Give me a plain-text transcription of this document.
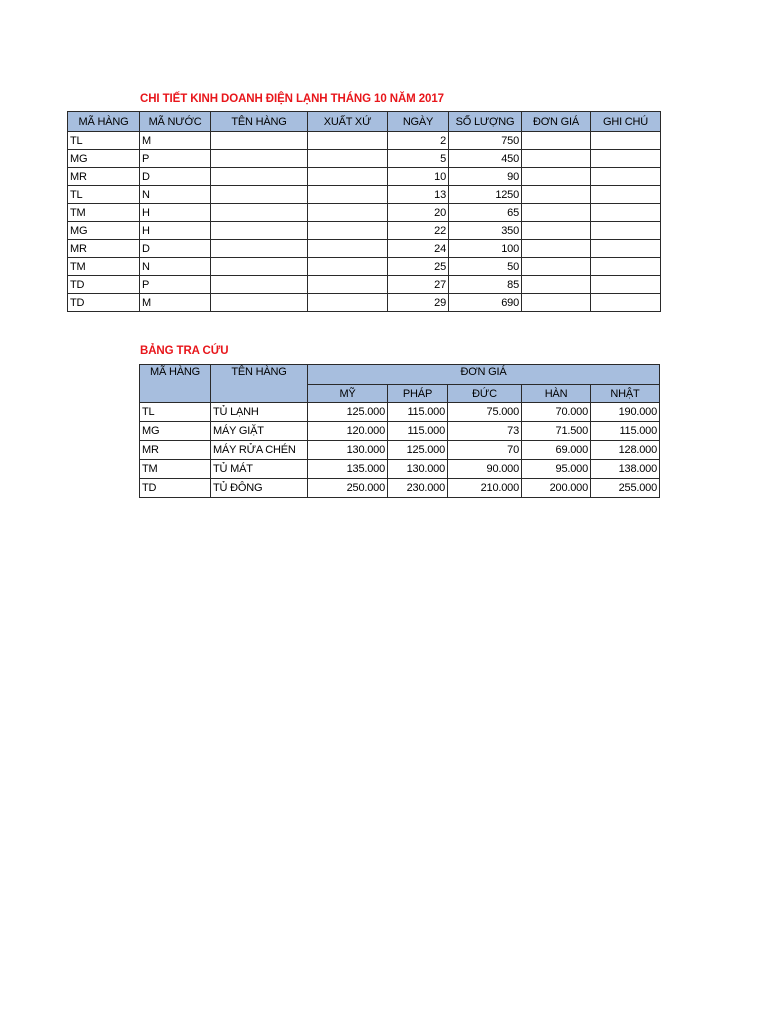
CHI TIẾT KINH DOANH ĐIỆN LẠNH THÁNG 10 NĂM 2017
MÃ HÀNG	MÃ NƯỚC	TÊN HÀNG	XUẤT XỨ	NGÀY	SỐ LƯỢNG	ĐƠN GIÁ	GHI CHÚ
TL	M			2	750		
MG	P			5	450		
MR	D			10	90		
TL	N			13	1250		
TM	H			20	65		
MG	H			22	350		
MR	D			24	100		
TM	N			25	50		
TD	P			27	85		
TD	M			29	690		
BẢNG TRA CỨU
MÃ HÀNG	TÊN HÀNG	ĐƠN GIÁ				
		MỸ	PHÁP	ĐỨC	HÀN	NHẬT
TL	TỦ LẠNH	125.000	115.000	75.000	70.000	190.000
MG	MÁY GIẶT	120.000	115.000	73	71.500	115.000
MR	MÁY RỬA CHÉN	130.000	125.000	70	69.000	128.000
TM	TỦ MÁT	135.000	130.000	90.000	95.000	138.000
TD	TỦ ĐÔNG	250.000	230.000	210.000	200.000	255.000
